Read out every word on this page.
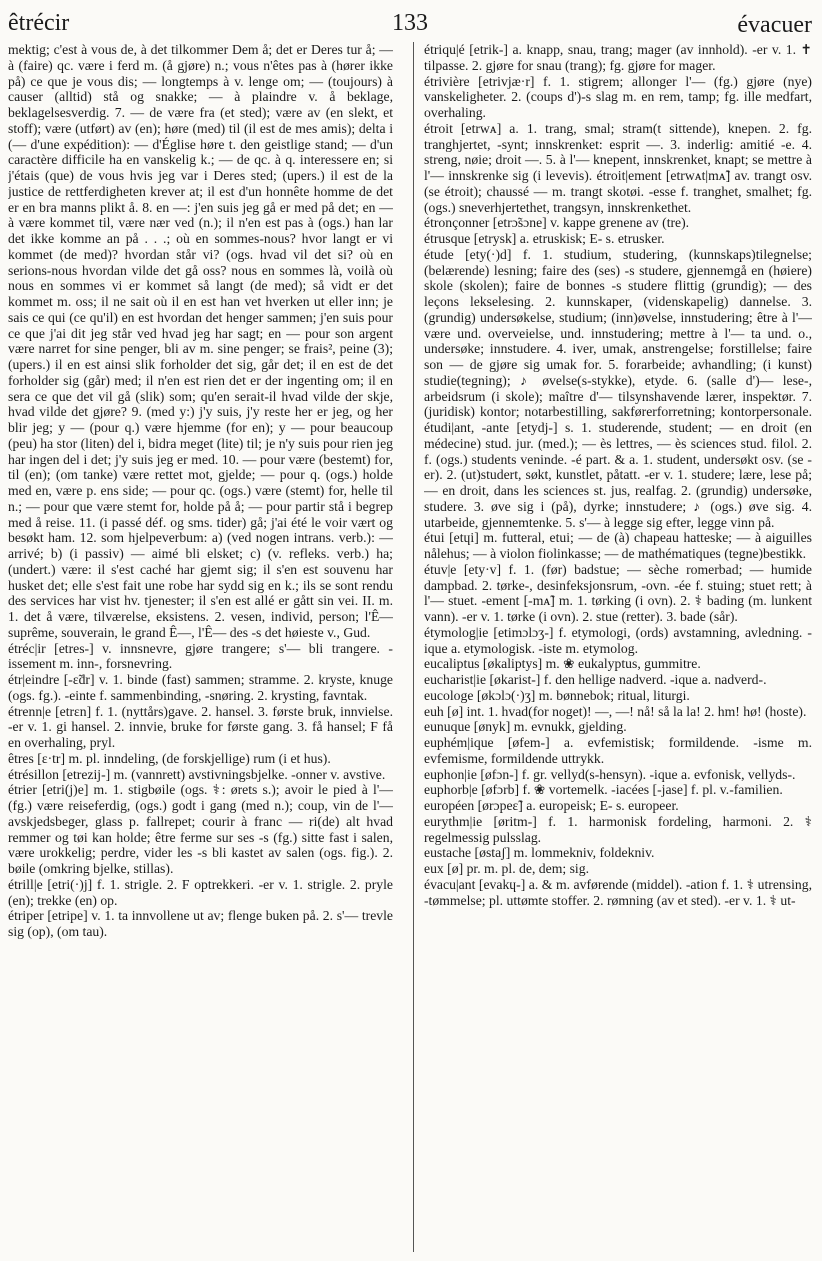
133
êtrécir	évacuer

mektig; c'est à vous de, à det tilkommer Dem å; det er Deres tur å; — à (faire) qc. være i ferd m. (å gjøre) n.; vous n'êtes pas à (hører ikke på) ce que je vous dis; — longtemps à v. lenge om; — (toujours) à causer (alltid) stå og snakke; — à plaindre v. å beklage, beklagelsesverdig. 7. — de være fra (et sted); være av (en slekt, et stoff); være (utført) av (en); høre (med) til (il est de mes amis); delta i (— d'une expédition): — d'Église høre t. den geistlige stand; — d'un caractère difficile ha en vanskelig k.; — de qc. à q. interessere en; si j'étais (que) de vous hvis jeg var i Deres sted; (upers.) il est de la justice de rettferdigheten krever at; il est d'un honnête homme de det er en bra manns plikt å. 8. en —: j'en suis jeg gå er med på det; en — à være kommet til, være nær ved (n.); il n'en est pas à (ogs.) han lar det ikke komme an på . . .; où en sommes-nous? hvor langt er vi kommet (de med)? hvordan står vi? (ogs. hvad vil det si? où en serions-nous hvordan vilde det gå oss? nous en sommes là, voilà où nous en sommes vi er kommet så langt (de med); så vidt er det kommet m. oss; il ne sait où il en est han vet hverken ut eller inn; je sais ce qui (ce qu'il) en est hvordan det henger sammen; j'en suis pour ce que j'ai dit jeg står ved hvad jeg har sagt; en — pour son argent være narret for sine penger, bli av m. sine penger; se frais², peine (3); (upers.) il en est ainsi slik forholder det sig, går det; il en est de det forholder sig (går) med; il n'en est rien det er der ingenting om; il en sera ce que det vil gå (slik) som; qu'en serait-il hvad vilde der skje, hvad vilde det gjøre? 9. (med y:) j'y suis, j'y reste her er jeg, og her blir jeg; y — (pour q.) være hjemme (for en); y — pour beaucoup (peu) ha stor (liten) del i, bidra meget (lite) til; je n'y suis pour rien jeg har ingen del i det; j'y suis jeg er med. 10. — pour være (bestemt) for, til (en); (om tanke) være rettet mot, gjelde; — pour q. (ogs.) holde med en, være p. ens side; — pour qc. (ogs.) være (stemt) for, helle til n.; — pour que være stemt for, holde på å; — pour partir stå i begrep med å reise. 11. (i passé déf. og sms. tider) gå; j'ai été le voir vært og besøkt ham. 12. som hjelpeverbum: a) (ved nogen intrans. verb.): — arrivé; b) (i passiv) — aimé bli elsket; c) (v. refleks. verb.) ha; (undert.) være: il s'est caché har gjemt sig; il s'en est souvenu har husket det; elle s'est fait une robe har sydd sig en k.; ils se sont rendu des services har vist hv. tjenester; il s'en est allé er gått sin vei. II. m. 1. det å være, tilværelse, eksistens. 2. vesen, individ, person; l'Ê— suprême, souverain, le grand Ê—, l'Ê— des -s det høieste v., Gud.

étréc|ir [etres-] v. innsnevre, gjøre trangere; s'— bli trangere. -issement m. inn-, forsnevring.

étr|eindre [-ɛ̃dr] v. 1. binde (fast) sammen; stramme. 2. kryste, knuge (ogs. fg.). -einte f. sammenbinding, -snøring. 2. krysting, favntak.

étrenn|e [etrɛn] f. 1. (nyttårs)gave. 2. hansel. 3. første bruk, innvielse. -er v. 1. gi hansel. 2. innvie, bruke for første gang. 3. få hansel; F få en overhaling, pryl.

êtres [ɛ·tr] m. pl. inndeling, (de forskjellige) rum (i et hus).

étrésillon [etrezij-] m. (vannrett) avstivningsbjelke. -onner v. avstive.

étrier [etri(j)e] m. 1. stigbøile (ogs. ⚕: ørets s.); avoir le pied à l'— (fg.) være reiseferdig, (ogs.) godt i gang (med n.); coup, vin de l'— avskjedsbeger, glass p. fallrepet; courir à franc — ri(de) alt hvad remmer og tøi kan holde; être ferme sur ses -s (fg.) sitte fast i salen, være urokkelig; perdre, vider les -s bli kastet av salen (ogs. fig.). 2. bøile (omkring bjelke, stillas).

étrill|e [etri(·)j] f. 1. strigle. 2. F optrekkeri. -er v. 1. strigle. 2. pryle (en); trekke (en) op.

étriper [etripe] v. 1. ta innvollene ut av; flenge buken på. 2. s'— trevle sig (op), (om tau).

étriqu|é [etrik-] a. knapp, snau, trang; mager (av innhold). -er v. 1. ✝ tilpasse. 2. gjøre for snau (trang); fg. gjøre for mager.

étrivière [etrivjæ·r] f. 1. stigrem; allonger l'— (fg.) gjøre (nye) vanskeligheter. 2. (coups d')-s slag m. en rem, tamp; fg. ille medfart, overhaling.

étroit [etrwᴀ] a. 1. trang, smal; stram(t sittende), knepen. 2. fg. tranghjertet, -synt; innskrenket: esprit —. 3. inderlig: amitié -e. 4. streng, nøie; droit —. 5. à l'— knepent, innskrenket, knapt; se mettre à l'— innskrenke sig (i levevis). étroit|ement [etrwᴀt|mᴀ̃] av. trangt osv. (se étroit); chaussé — m. trangt skotøi. -esse f. tranghet, smalhet; fg. (ogs.) sneverhjertethet, trangsyn, innskrenkethet.

étronçonner [etrɔ̃sɔne] v. kappe grenene av (tre).

étrusque [etrysk] a. etruskisk; E- s. etrusker.

étude [ety(·)d] f. 1. studium, studering, (kunnskaps)tilegnelse; (belærende) lesning; faire des (ses) -s studere, gjennemgå en (høiere) skole (skolen); faire de bonnes -s studere flittig (grundig); — des leçons lekselesing. 2. kunnskaper, (videnskapelig) dannelse. 3. (grundig) undersøkelse, studium; (inn)øvelse, innstudering; être à l'— være und. overveielse, und. innstudering; mettre à l'— ta und. o., undersøke; innstudere. 4. iver, umak, anstrengelse; forstillelse; faire son — de gjøre sig umak for. 5. forarbeide; avhandling; (i kunst) studie(tegning); ♪ øvelse(s-stykke), etyde. 6. (salle d')— lese-, arbeidsrum (i skole); maître d'— tilsynshavende lærer, inspektør. 7. (juridisk) kontor; notarbestilling, sakførerforretning; kontorpersonale. étudi|ant, -ante [etydj-] s. 1. studerende, student; — en droit (en médecine) stud. jur. (med.); — ès lettres, — ès sciences stud. filol. 2. f. (ogs.) students veninde. -é part. & a. 1. student, undersøkt osv. (se -er). 2. (ut)studert, søkt, kunstlet, påtatt. -er v. 1. studere; lære, lese på; — en droit, dans les sciences st. jus, realfag. 2. (grundig) undersøke, studere. 3. øve sig i (på), dyrke; innstudere; ♪ (ogs.) øve sig. 4. utarbeide, gjennemtenke. 5. s'— à legge sig efter, legge vinn på.

étui [etɥi] m. futteral, etui; — de (à) chapeau hatteske; — à aiguilles nålehus; — à violon fiolinkasse; — de mathématiques (tegne)bestikk.

étuv|e [ety·v] f. 1. (før) badstue; — sèche romerbad; — humide dampbad. 2. tørke-, desinfeksjonsrum, -ovn. -ée f. stuing; stuet rett; à l'— stuet. -ement [-mᴀ̃] m. 1. tørking (i ovn). 2. ⚕ bading (m. lunkent vann). -er v. 1. tørke (i ovn). 2. stue (retter). 3. bade (sår).

étymolog|ie [etimɔlɔʒ-] f. etymologi, (ords) avstamning, avledning. -ique a. etymologisk. -iste m. etymolog.

eucaliptus [økaliptys] m. ❀ eukalyptus, gummitre.

eucharist|ie [økarist-] f. den hellige nadverd. -ique a. nadverd-.

eucologe [økɔlɔ(·)ʒ] m. bønnebok; ritual, liturgi.

euh [ø] int. 1. hvad(for noget)! —, —! nå! så la la! 2. hm! hø! (hoste).

eunuque [ønyk] m. evnukk, gjelding.

euphém|ique [øfem-] a. evfemistisk; formildende. -isme m. evfemisme, formildende uttrykk.

euphon|ie [øfɔn-] f. gr. vellyd(s-hensyn). -ique a. evfonisk, vellyds-.

euphorb|e [øfɔrb] f. ❀ vortemelk. -iacées [-jase] f. pl. v.-familien.

européen [ørɔpeɛ̃] a. europeisk; E- s. europeer.

eurythm|ie [øritm-] f. 1. harmonisk fordeling, harmoni. 2. ⚕ regelmessig pulsslag.

eustache [østaʃ] m. lommekniv, foldekniv.

eux [ø] pr. m. pl. de, dem; sig.

évacu|ant [evakɥ-] a. & m. avførende (middel). -ation f. 1. ⚕ utrensing, -tømmelse; pl. uttømte stoffer. 2. rømning (av et sted). -er v. 1. ⚕ ut-
